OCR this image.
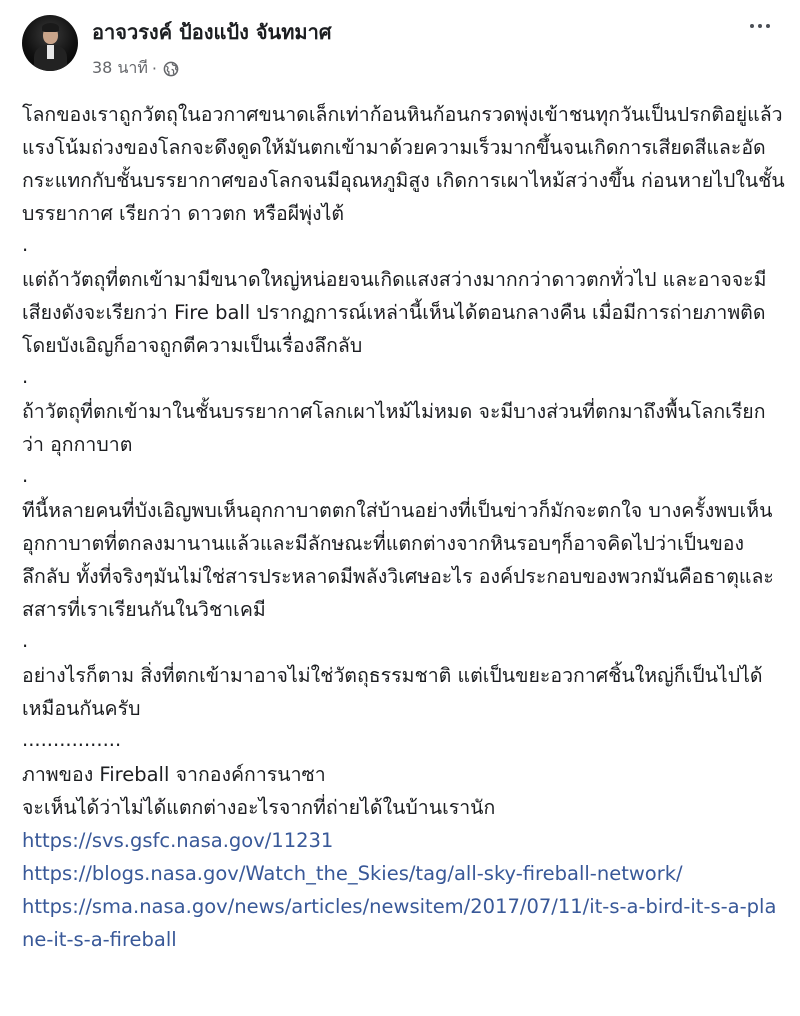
อาจวรงค์ ป้องแป้ง จันทมาศ
38 นาที ·

โลกของเราถูกวัตถุในอวกาศขนาดเล็กเท่าก้อนหินก้อนกรวดพุ่งเข้าชนทุกวันเป็นปรกติอยู่แล้ว แรงโน้มถ่วงของโลกจะดึงดูดให้มันตกเข้ามาด้วยความเร็วมากขึ้นจนเกิดการเสียดสีและอัดกระแทกกับชั้นบรรยากาศของโลกจนมีอุณหภูมิสูง เกิดการเผาไหม้สว่างขึ้น ก่อนหายไปในชั้นบรรยากาศ เรียกว่า ดาวตก หรือผีพุ่งไต้

.

แต่ถ้าวัตถุที่ตกเข้ามามีขนาดใหญ่หน่อยจนเกิดแสงสว่างมากกว่าดาวตกทั่วไป และอาจจะมีเสียงดังจะเรียกว่า Fire ball ปรากฏการณ์เหล่านี้เห็นได้ตอนกลางคืน เมื่อมีการถ่ายภาพติดโดยบังเอิญก็อาจถูกตีความเป็นเรื่องลึกลับ

.

ถ้าวัตถุที่ตกเข้ามาในชั้นบรรยากาศโลกเผาไหม้ไม่หมด จะมีบางส่วนที่ตกมาถึงพื้นโลกเรียกว่า อุกกาบาต

.

ทีนี้หลายคนที่บังเอิญพบเห็นอุกกาบาตตกใส่บ้านอย่างที่เป็นข่าวก็มักจะตกใจ บางครั้งพบเห็นอุกกาบาตที่ตกลงมานานแล้วและมีลักษณะที่แตกต่างจากหินรอบๆก็อาจคิดไปว่าเป็นของลึกลับ ทั้งที่จริงๆมันไม่ใช่สารประหลาดมีพลังวิเศษอะไร องค์ประกอบของพวกมันคือธาตุและสสารที่เราเรียนกันในวิชาเคมี

.

อย่างไรก็ตาม สิ่งที่ตกเข้ามาอาจไม่ใช่วัตถุธรรมชาติ แต่เป็นขยะอวกาศชิ้นใหญ่ก็เป็นไปได้เหมือนกันครับ

................

ภาพของ Fireball จากองค์การนาซา

จะเห็นได้ว่าไม่ได้แตกต่างอะไรจากที่ถ่ายได้ในบ้านเรานัก

https://svs.gsfc.nasa.gov/11231
https://blogs.nasa.gov/Watch_the_Skies/tag/all-sky-fireball-network/
https://sma.nasa.gov/news/articles/newsitem/2017/07/11/it-s-a-bird-it-s-a-plane-it-s-a-fireball
